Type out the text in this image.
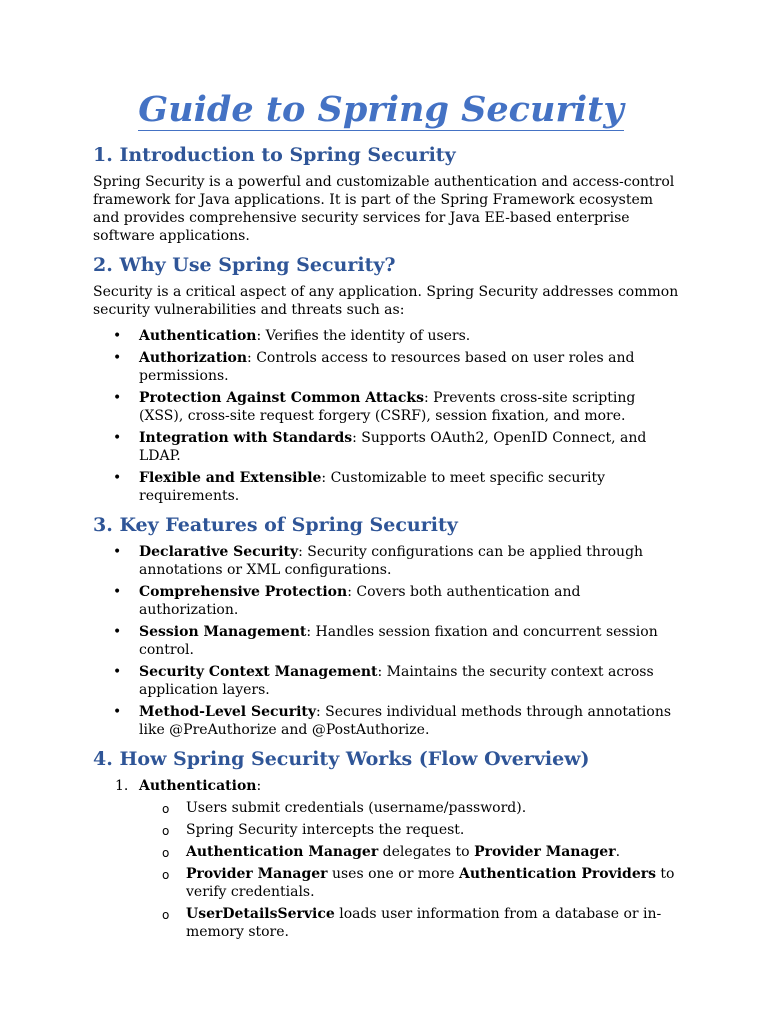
Guide to Spring Security
1. Introduction to Spring Security

Spring Security is a powerful and customizable authentication and access-control framework for Java applications. It is part of the Spring Framework ecosystem and provides comprehensive security services for Java EE-based enterprise software applications.

2. Why Use Spring Security?

Security is a critical aspect of any application. Spring Security addresses common security vulnerabilities and threats such as:

• Authentication: Verifies the identity of users.
• Authorization: Controls access to resources based on user roles and permissions.
• Protection Against Common Attacks: Prevents cross-site scripting (XSS), cross-site request forgery (CSRF), session fixation, and more.
• Integration with Standards: Supports OAuth2, OpenID Connect, and LDAP.
• Flexible and Extensible: Customizable to meet specific security requirements.
3. Key Features of Spring Security
• Declarative Security: Security configurations can be applied through annotations or XML configurations.
• Comprehensive Protection: Covers both authentication and authorization.
• Session Management: Handles session fixation and concurrent session control.
• Security Context Management: Maintains the security context across application layers.
• Method-Level Security: Secures individual methods through annotations like @PreAuthorize and @PostAuthorize.
4. How Spring Security Works (Flow Overview)
1. Authentication:
o Users submit credentials (username/password).
o Spring Security intercepts the request.
o Authentication Manager delegates to Provider Manager.
o Provider Manager uses one or more Authentication Providers to verify credentials.
o UserDetailsService loads user information from a database or in-memory store.
